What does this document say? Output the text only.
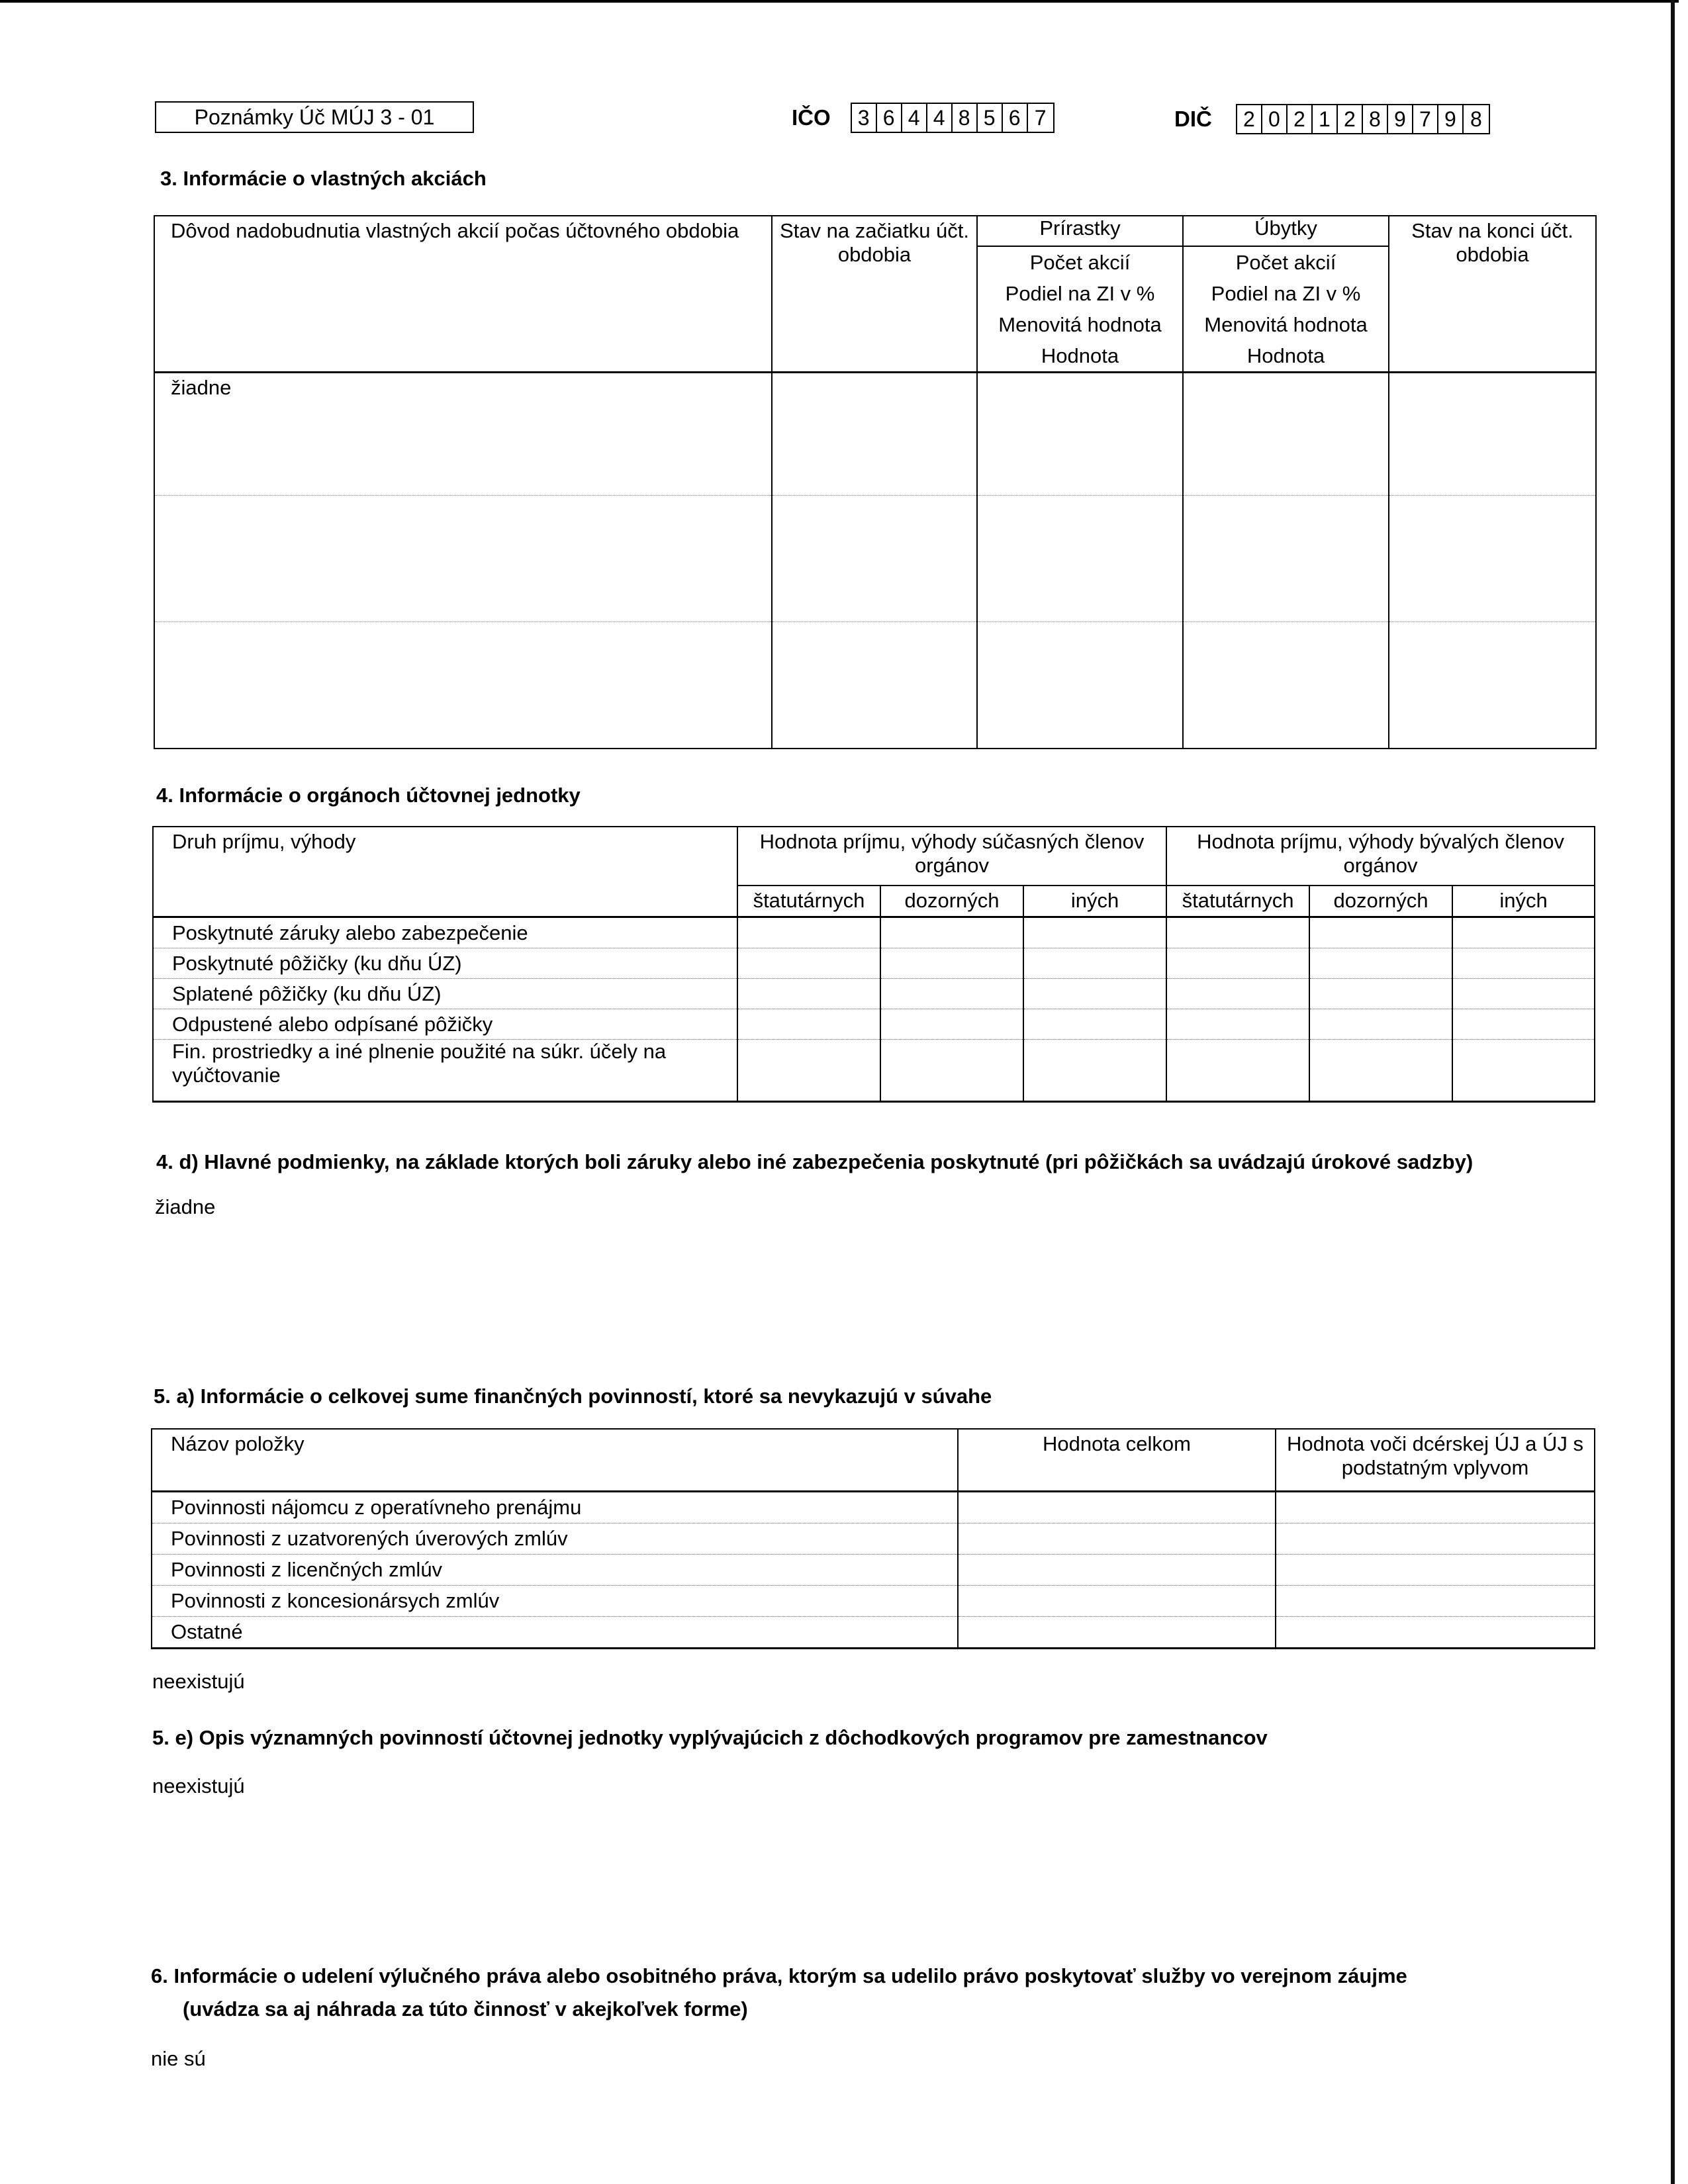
Poznámky Úč MÚJ 3 - 01	IČO 3 6 4 4 8 5 6 7	DIČ 2 0 2 1 2 8 9 7 9 8
3. Informácie o vlastných akciách
Dôvod nadobudnutia vlastných akcií počas účtovného obdobia	Stav na začiatku účt. obdobia	Prírastky	Úbytky	Stav na konci účt. obdobia

Počet akcií
Podiel na ZI v %
Menovitá hodnota
Hodnota

Počet akcií
Podiel na ZI v %
Menovitá hodnota
Hodnota

žiadne				

4. Informácie o orgánoch účtovnej jednotky
Druh príjmu, výhody	Hodnota príjmu, výhody súčasných členov orgánov			Hodnota príjmu, výhody bývalých členov orgánov		
	štatutárnych	dozorných	iných	štatutárnych	dozorných	iných
Poskytnuté záruky alebo zabezpečenie						
Poskytnuté pôžičky (ku dňu ÚZ)						
Splatené pôžičky (ku dňu ÚZ)						
Odpustené alebo odpísané pôžičky						
Fin. prostriedky a iné plnenie použité na súkr. účely na vyúčtovanie						
4. d) Hlavné podmienky, na základe ktorých boli záruky alebo iné zabezpečenia poskytnuté (pri pôžičkách sa uvádzajú úrokové sadzby)
žiadne
5. a) Informácie o celkovej sume finančných povinností, ktoré sa nevykazujú v súvahe
Názov položky	Hodnota celkom	Hodnota voči dcérskej ÚJ a ÚJ s podstatným vplyvom
Povinnosti nájomcu z operatívneho prenájmu		
Povinnosti z uzatvorených úverových zmlúv		
Povinnosti z licenčných zmlúv		
Povinnosti z koncesionársych zmlúv		
Ostatné		
neexistujú
5. e) Opis významných povinností účtovnej jednotky vyplývajúcich z dôchodkových programov pre zamestnancov
neexistujú
6. Informácie o udelení výlučného práva alebo osobitného práva, ktorým sa udelilo právo poskytovať služby vo verejnom záujme
(uvádza sa aj náhrada za túto činnosť v akejkoľvek forme)
nie sú
